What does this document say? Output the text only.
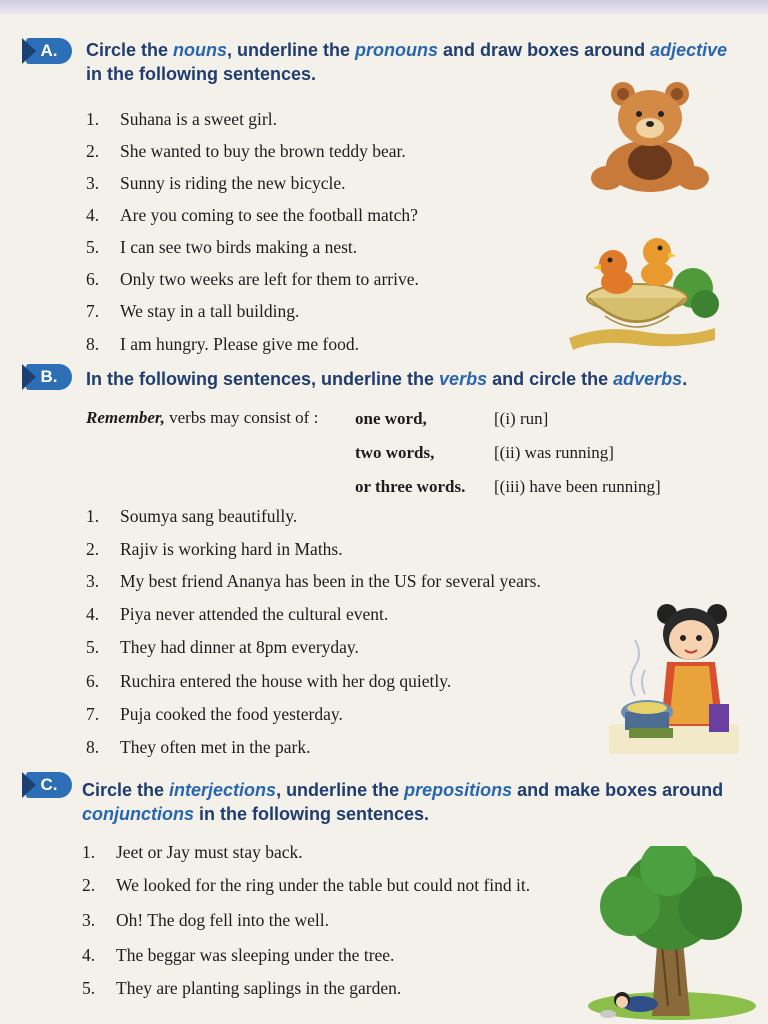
A.	Circle the nouns, underline the pronouns and draw boxes around adjective
in the following sentences.
1. Suhana is a sweet girl.
2. She wanted to buy the brown teddy bear.
3. Sunny is riding the new bicycle.
4. Are you coming to see the football match?
5. I can see two birds making a nest.
6. Only two weeks are left for them to arrive.
7. We stay in a tall building.
8. I am hungry. Please give me food.
B.	In the following sentences, underline the verbs and circle the adverbs.
Remember, verbs may consist of : one word,	[(i) run]
two words,	[(ii) was running]
or three words. [(iii) have been running]
1. Soumya sang beautifully.
2. Rajiv is working hard in Maths.
3. My best friend Ananya has been in the US for several years.
4. Piya never attended the cultural event.
5. They had dinner at 8pm everyday.
6. Ruchira entered the house with her dog quietly.
7. Puja cooked the food yesterday.
8. They often met in the park.
C.	Circle the interjections, underline the prepositions and make boxes around
conjunctions in the following sentences.
1. Jeet or Jay must stay back.
2. We looked for the ring under the table but could not find it.
3. Oh! The dog fell into the well.
4. The beggar was sleeping under the tree.
5. They are planting saplings in the garden.
